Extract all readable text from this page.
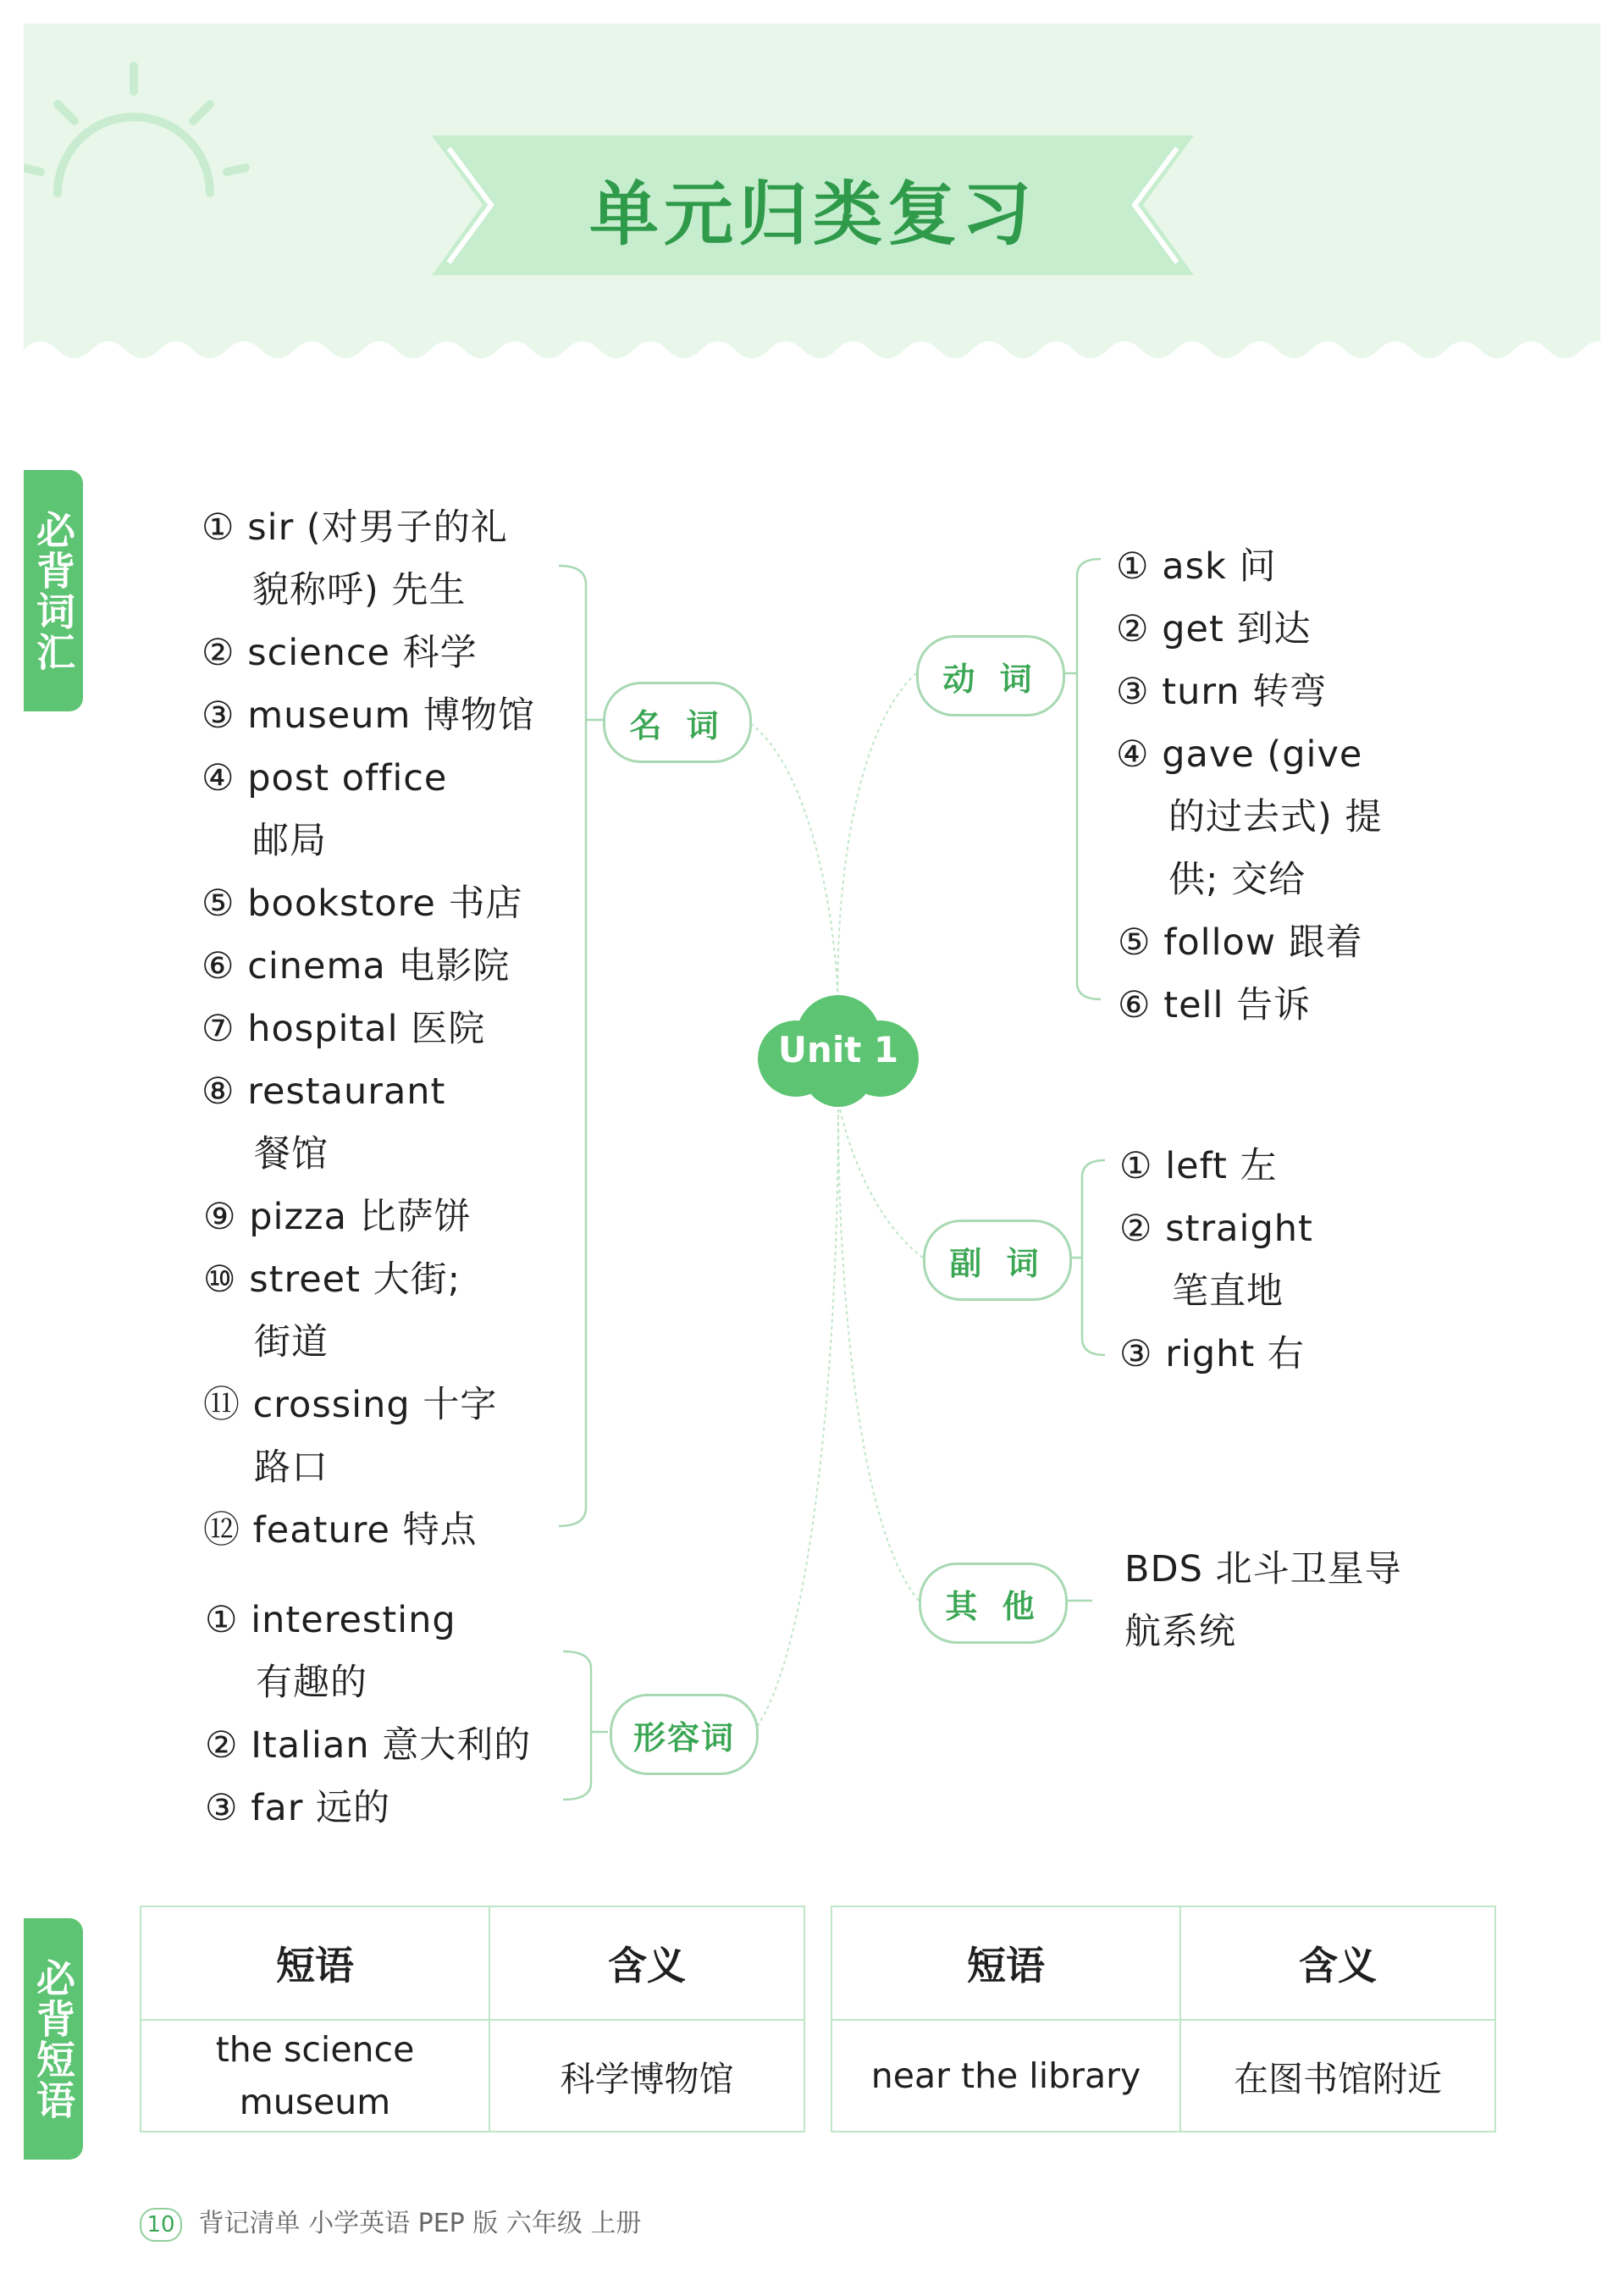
单元归类复习
必背词汇
必背短语
Unit 1
名 词
动 词
副 词
其 他
形容词
① sir (对男子的礼
貌称呼) 先生
② science 科学
③ museum 博物馆
④ post office
邮局
⑤ bookstore 书店
⑥ cinema 电影院
⑦ hospital 医院
⑧ restaurant
餐馆
⑨ pizza 比萨饼
⑩ street 大街;
街道
⑪ crossing 十字
路口
⑫ feature 特点
① interesting
有趣的
② Italian 意大利的
③ far 远的
① ask 问
② get 到达
③ turn 转弯
④ gave (give
的过去式) 提
供; 交给
⑤ follow 跟着
⑥ tell 告诉
① left 左
② straight
笔直地
③ right 右
BDS 北斗卫星导
航系统
短语	含义		短语	含义

the science
museum	科学博物馆		near the library	在图书馆附近
10 背记清单 小学英语 PEP 版 六年级 上册
